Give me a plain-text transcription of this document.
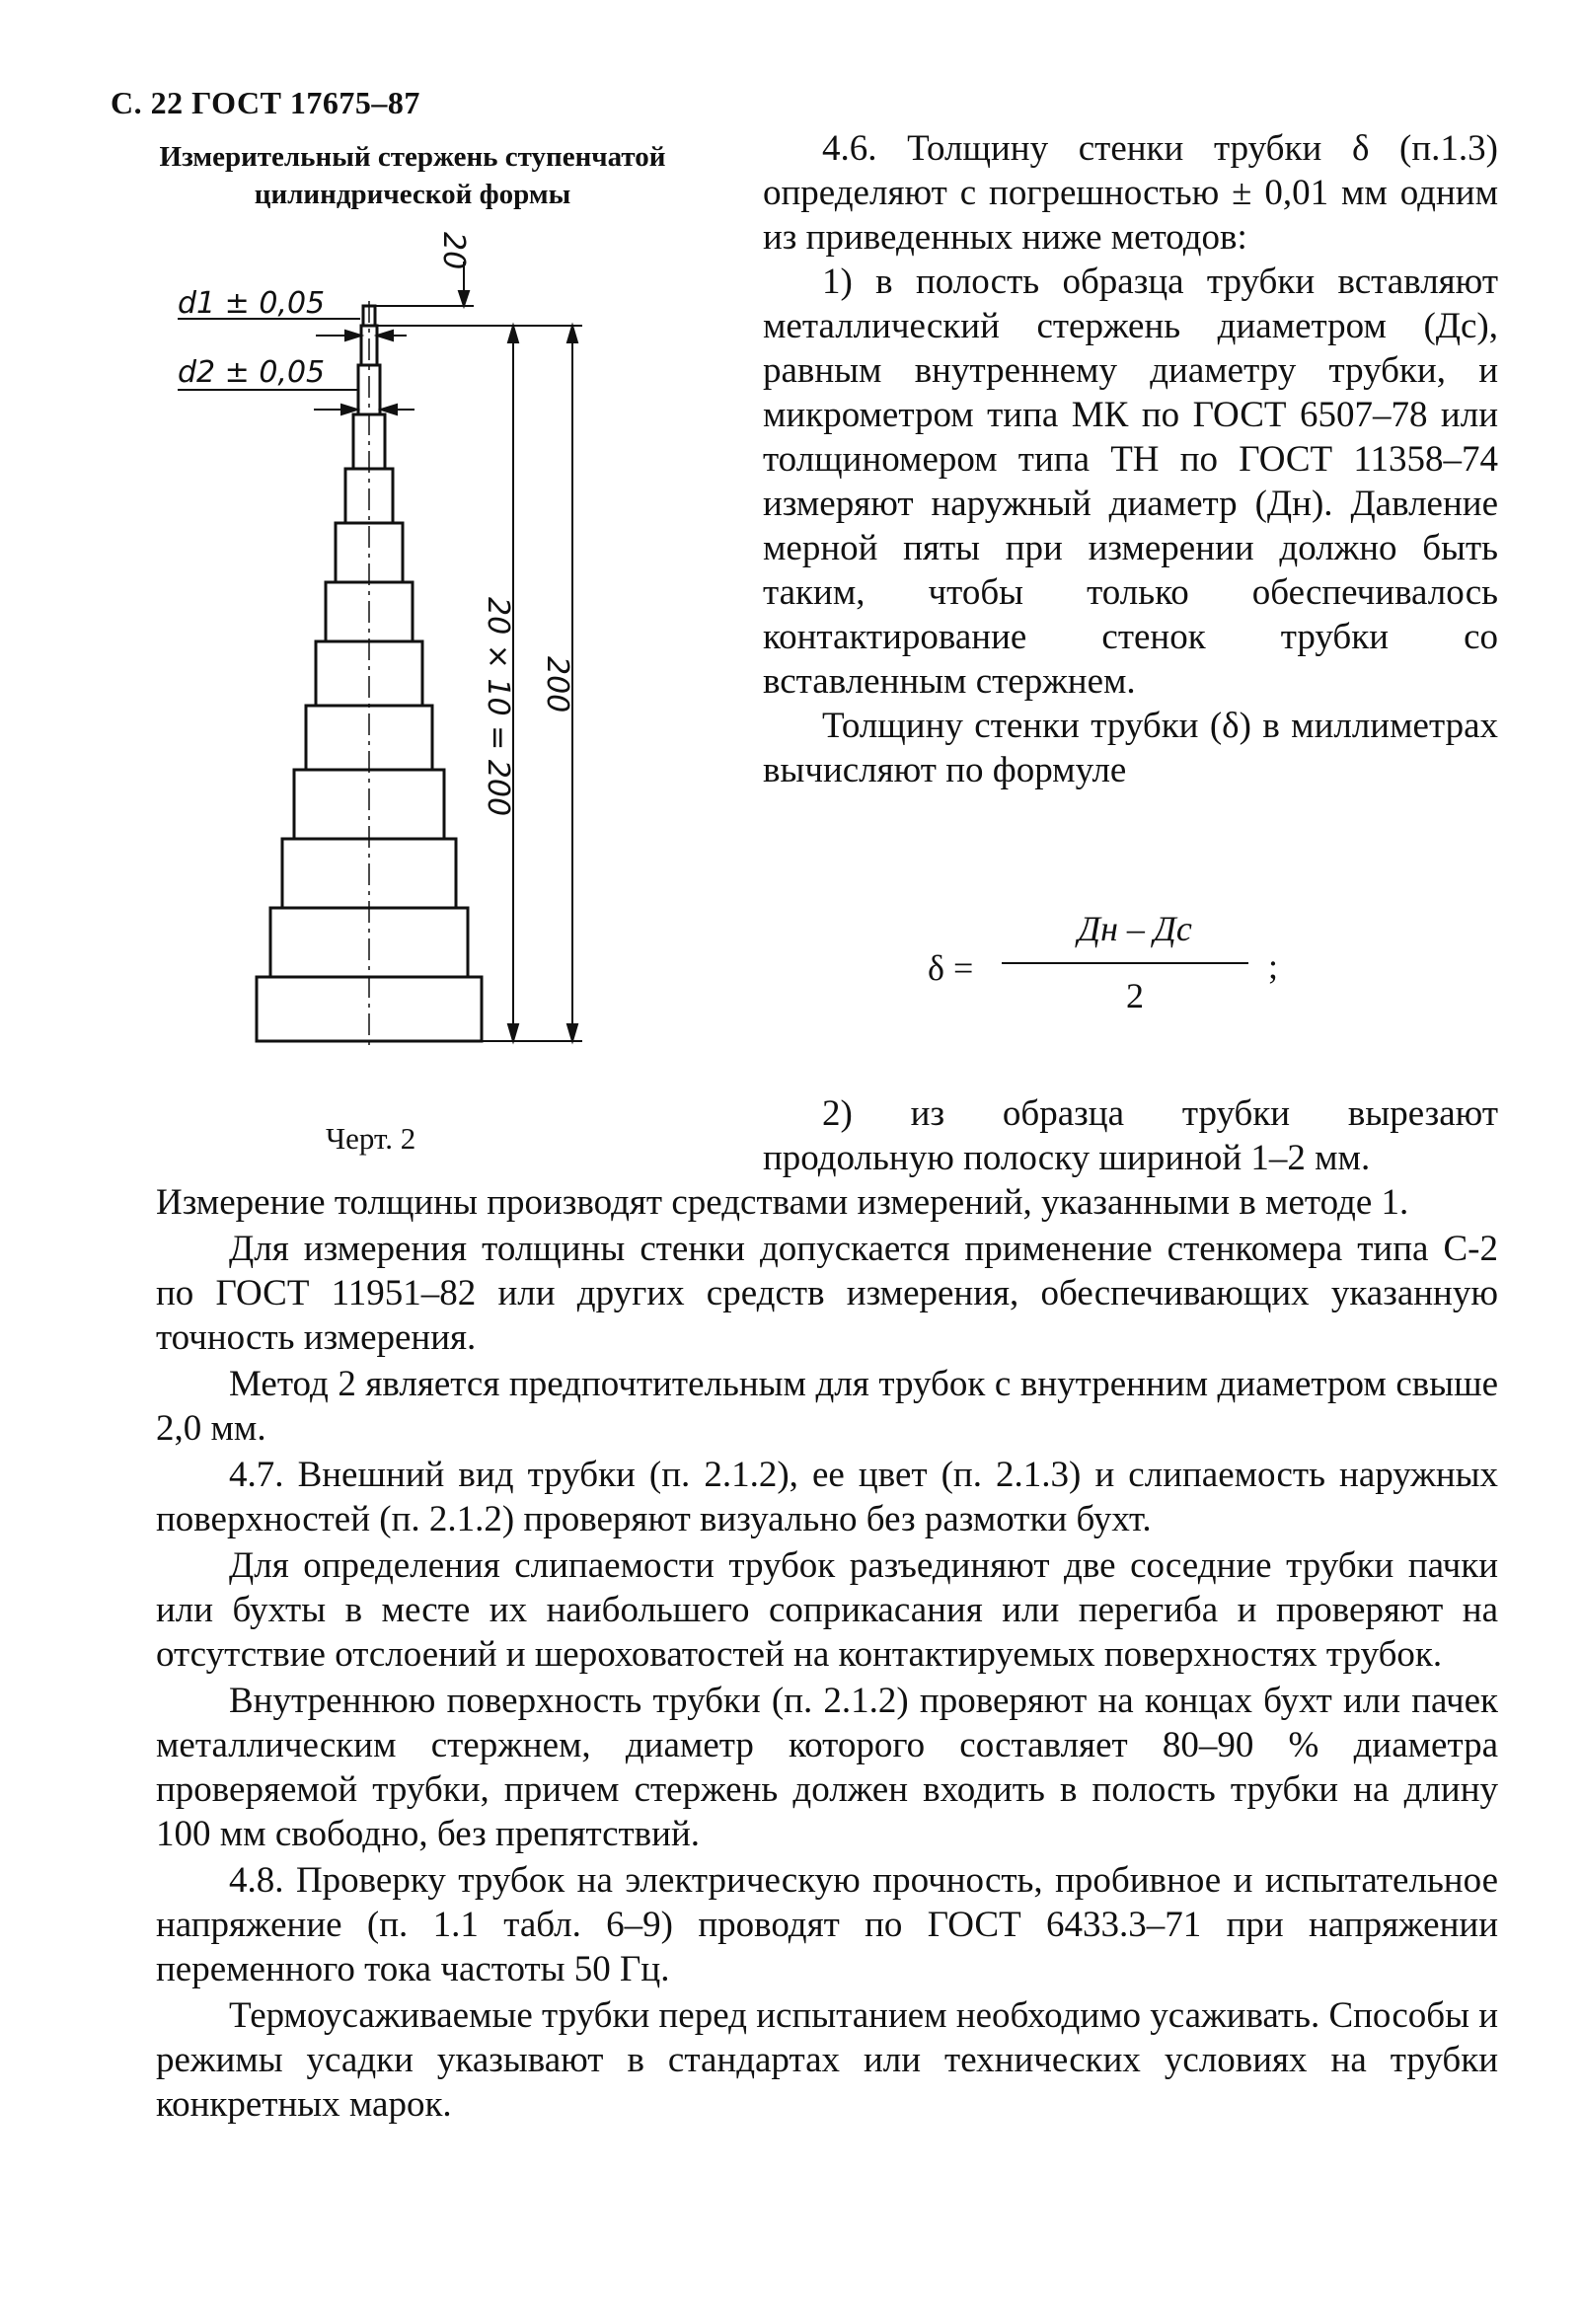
С. 22 ГОСТ 17675–87
Измерительный стержень ступенчатой
цилиндрической формы
20
d1 ± 0,05
d2 ± 0,05
20 × 10 = 200 200
Черт. 2

4.6. Толщину стенки трубки δ (п.1.3) определяют с погрешностью ± 0,01 мм одним из приведенных ниже методов:

1) в полость образца трубки вставляют металлический стержень диаметром (Дс), равным внутреннему диаметру трубки, и микрометром типа МК по ГОСТ 6507–78 или толщиномером типа ТН по ГОСТ 11358–74 измеряют наружный диаметр (Дн). Давление мерной пяты при измерении должно быть таким, чтобы только обеспечивалось контактирование стенок трубки со вставленным стержнем.

Толщину стенки трубки (δ) в миллиметрах вычисляют по формуле

δ =
Дн – Дс
2
;

2) из образца трубки вырезают продольную полоску шириной 1–2 мм.

Измерение толщины производят средствами измерений, указанными в методе 1.

Для измерения толщины стенки допускается применение стенкомера типа С-2 по ГОСТ 11951–82 или других средств измерения, обеспечивающих указанную точность измерения.

Метод 2 является предпочтительным для трубок с внутренним диаметром свыше 2,0 мм.

4.7. Внешний вид трубки (п. 2.1.2), ее цвет (п. 2.1.3) и слипаемость наружных поверхностей (п. 2.1.2) проверяют визуально без размотки бухт.

Для определения слипаемости трубок разъединяют две соседние трубки пачки или бухты в месте их наибольшего соприкасания или перегиба и проверяют на отсутствие отслоений и шероховатостей на контактируемых поверхностях трубок.

Внутреннюю поверхность трубки (п. 2.1.2) проверяют на концах бухт или пачек металлическим стержнем, диаметр которого составляет 80–90 % диаметра проверяемой трубки, причем стержень должен входить в полость трубки на длину 100 мм свободно, без препятствий.

4.8. Проверку трубок на электрическую прочность, пробивное и испытательное напряжение (п. 1.1 табл. 6–9) проводят по ГОСТ 6433.3–71 при напряжении переменного тока частоты 50 Гц.

Термоусаживаемые трубки перед испытанием необходимо усаживать. Способы и режимы усадки указывают в стандартах или технических условиях на трубки конкретных марок.
